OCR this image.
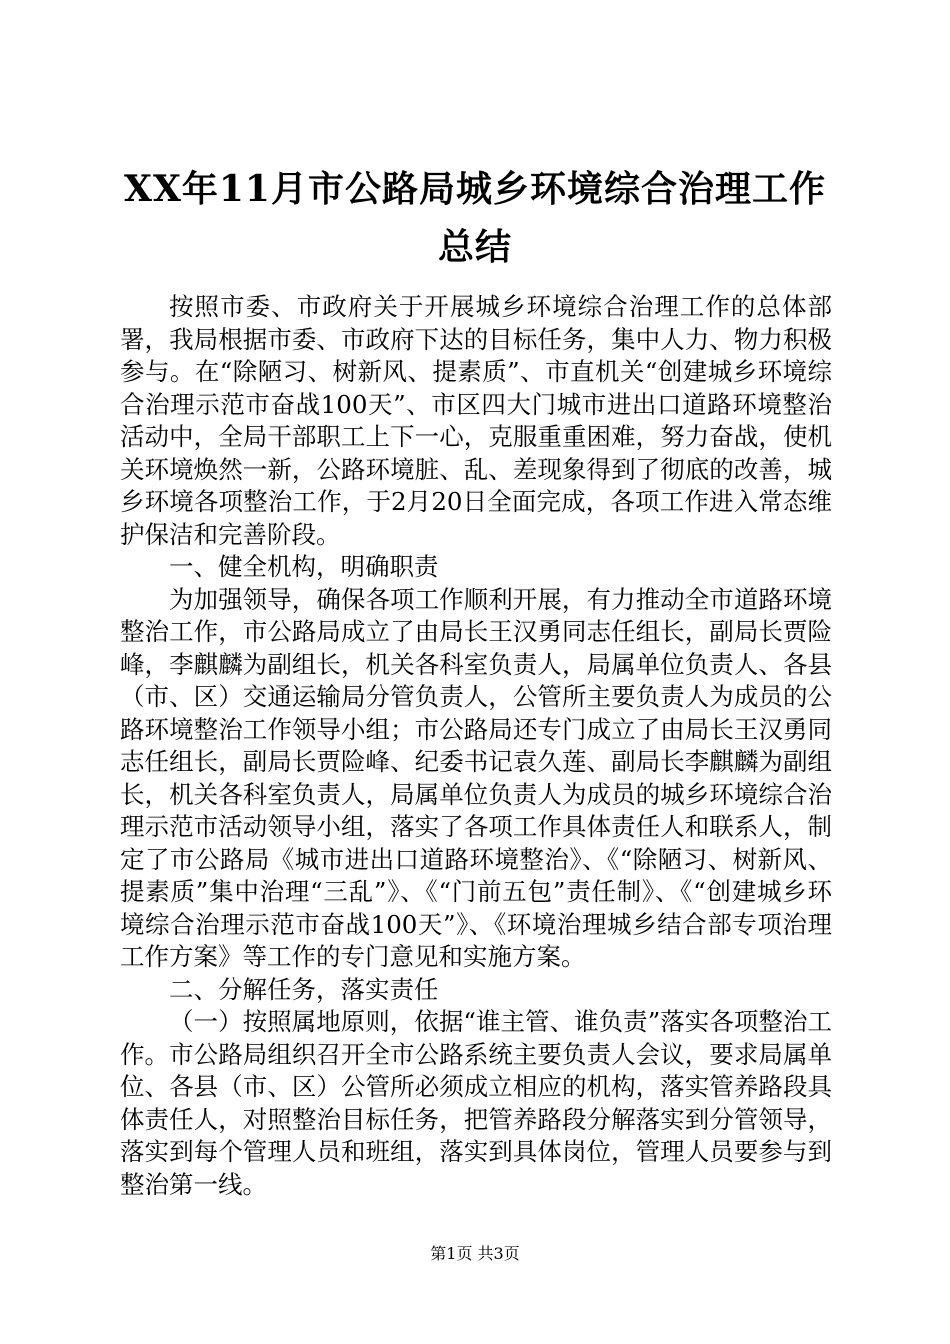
XX年11月市公路局城乡环境综合治理工作总结

按照市委、市政府关于开展城乡环境综合治理工作的总体部署，我局根据市委、市政府下达的目标任务，集中人力、物力积极参与。在“除陋习、树新风、提素质”、市直机关“创建城乡环境综合治理示范市奋战100天”、市区四大门城市进出口道路环境整治活动中，全局干部职工上下一心，克服重重困难，努力奋战，使机关环境焕然一新，公路环境脏、乱、差现象得到了彻底的改善，城乡环境各项整治工作，于2月20日全面完成，各项工作进入常态维护保洁和完善阶段。

一、健全机构，明确职责

为加强领导，确保各项工作顺利开展，有力推动全市道路环境整治工作，市公路局成立了由局长王汉勇同志任组长，副局长贾险峰，李麒麟为副组长，机关各科室负责人，局属单位负责人、各县（市、区）交通运输局分管负责人，公管所主要负责人为成员的公路环境整治工作领导小组；市公路局还专门成立了由局长王汉勇同志任组长，副局长贾险峰、纪委书记袁久莲、副局长李麒麟为副组长，机关各科室负责人，局属单位负责人为成员的城乡环境综合治理示范市活动领导小组，落实了各项工作具体责任人和联系人，制定了市公路局《城市进出口道路环境整治》、《“除陋习、树新风、提素质”集中治理“三乱”》、《“门前五包”责任制》、《“创建城乡环境综合治理示范市奋战100天”》、《环境治理城乡结合部专项治理工作方案》等工作的专门意见和实施方案。

二、分解任务，落实责任

（一）按照属地原则，依据“谁主管、谁负责”落实各项整治工作。市公路局组织召开全市公路系统主要负责人会议，要求局属单位、各县（市、区）公管所必须成立相应的机构，落实管养路段具体责任人，对照整治目标任务，把管养路段分解落实到分管领导，落实到每个管理人员和班组，落实到具体岗位，管理人员要参与到整治第一线。

第1页 共3页
